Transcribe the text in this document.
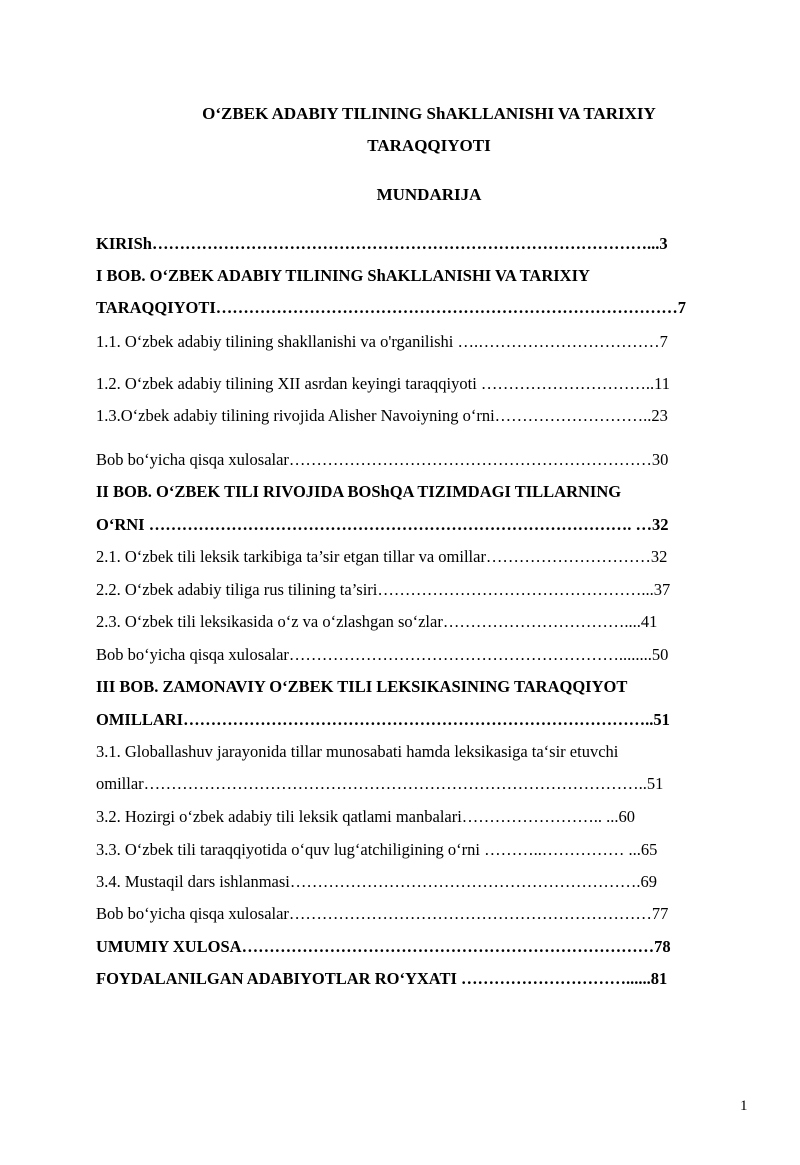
O‘ZBEK ADABIY TILINING ShAKLLANISHI VA TARIXIY
TARAQQIYOTI
MUNDARIJA
KIRISh………………………………………………………………………………...3
I BOB. O‘ZBEK ADABIY TILINING ShAKLLANISHI VA TARIXIY
TARAQQIYOTI…………………………………………………………………………7
1.1. O‘zbek adabiy tilining shakllanishi va o'rganilishi ….……………………………7
1.2. O‘zbek adabiy tilining XII asrdan keyingi taraqqiyoti …………………………..11
1.3.O‘zbek adabiy tilining rivojida Alisher Navoiyning o‘rni………………………..23
Bob bo‘yicha qisqa xulosalar…………………………………………………………30
II BOB. O‘ZBEK TILI RIVOJIDA BOShQA TIZIMDAGI TILLARNING
O‘RNI ……………………………………………………………………………. …32
2.1. O‘zbek tili leksik tarkibiga ta’sir etgan tillar va omillar…………………………32
2.2. O‘zbek adabiy tiliga rus tilining ta’siri…………………………………………...37
2.3. O‘zbek tili leksikasida o‘z va o‘zlashgan so‘zlar……………………………....41
Bob bo‘yicha qisqa xulosalar……………………………………………………........50
III BOB. ZAMONAVIY O‘ZBEK TILI LEKSIKASINING TARAQQIYOT
OMILLARI…………………………………………………………………………..51
3.1. Globallashuv jarayonida tillar munosabati hamda leksikasiga ta‘sir etuvchi
omillar………………………………………………………………………………..51
3.2. Hozirgi o‘zbek adabiy tili leksik qatlami manbalari…………………….. ...60
3.3. O‘zbek tili taraqqiyotida o‘quv lug‘atchiligining o‘rni ………..…………… ...65
3.4. Mustaqil dars ishlanmasi……………………………………………………….69
Bob bo‘yicha qisqa xulosalar…………………………………………………………77
UMUMIY XULOSA…………………………………………………………………78
FOYDALANILGAN ADABIYOTLAR RO‘YXATI …………………………......81
1
